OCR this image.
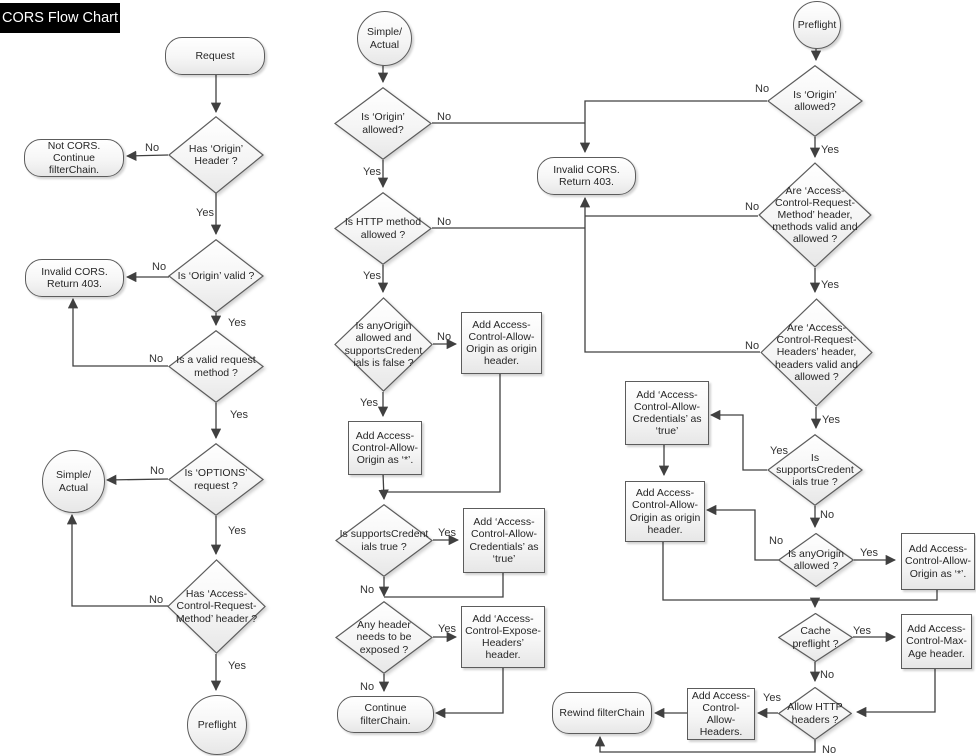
CORS Flow Chart
No
Yes
No
Yes
No
Yes
No
Yes
No
Yes
No
Yes
No
Yes
No
Yes
Yes
No
Yes
No
No
Yes
No
Yes
No
Yes
Yes
No
No
Yes
Yes
No
Yes
No
Request
Has ‘Origin’ Header ?
Not CORS. Continue filterChain.
Invalid CORS. Return 403.
Is ‘Origin’ valid ?
Is a valid request method ?
Simple/ Actual
Is ‘OPTIONS’ request ?
Has ‘Access-Control-Request-Method’ header ?
Preflight
Simple/ Actual
Is ‘Origin’ allowed?
Invalid CORS. Return 403.
Is HTTP method allowed ?
Is anyOrigin allowed and supportsCredent ials is false ?
Add Access-Control-Allow-Origin as origin header.
Add Access-Control-Allow-Origin as ‘*’.
Is supportsCredent ials true ?
Add ‘Access-Control-Allow-Credentials’ as ‘true’
Any header needs to be exposed ?
Add ‘Access-Control-Expose-Headers’ header.
Continue filterChain.
Preflight
Is ‘Origin’ allowed?
Are ‘Access-Control-Request-Method’ header, methods valid and allowed ?
Are ‘Access-Control-Request-Headers’ header, headers valid and allowed ?
Is supportsCredent ials true ?
Add ‘Access-Control-Allow-Credentials’ as ‘true’
Add Access-Control-Allow-Origin as origin header.
Is anyOrigin allowed ?
Add Access-Control-Allow-Origin as ‘*’.
Cache preflight ?
Add Access-Control-Max-Age header.
Allow HTTP headers ?
Add Access-Control-Allow-Headers.
Rewind filterChain
